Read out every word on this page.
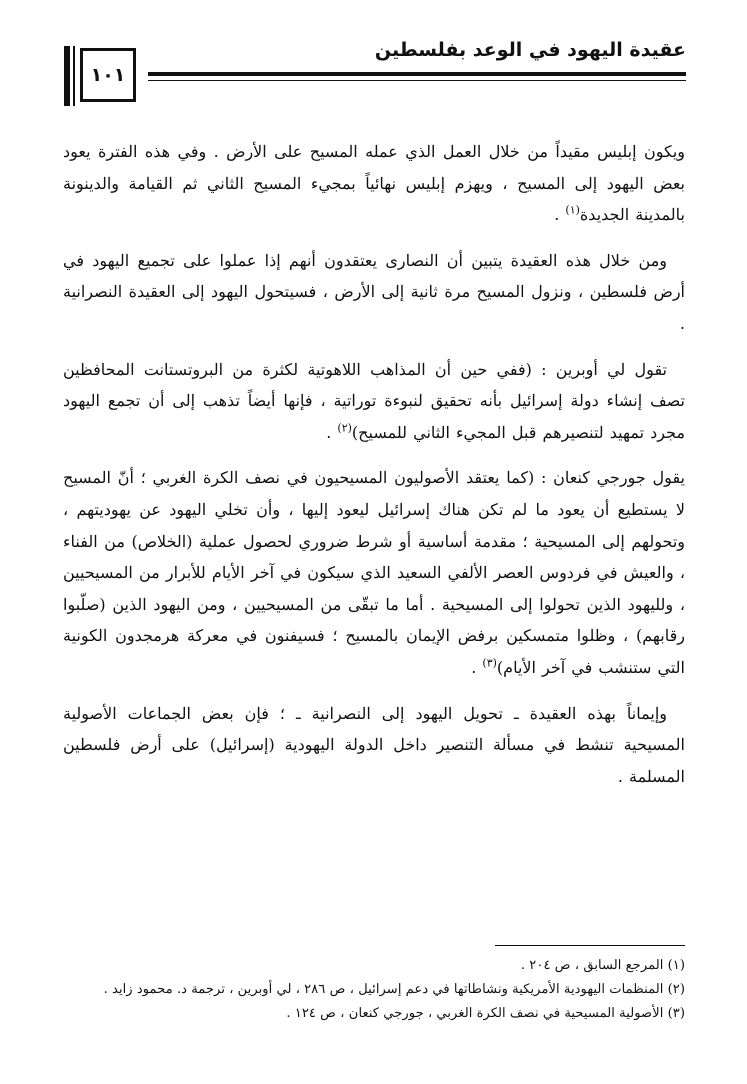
عقيدة اليهود في الوعد بفلسطين
١٠١

ويكون إبليس مقيداً من خلال العمل الذي عمله المسيح على الأرض . وفي هذه الفترة يعود بعض اليهود إلى المسيح ، ويهزم إبليس نهائياً بمجيء المسيح الثاني ثم القيامة والدينونة بالمدينة الجديدة$^{(١)}$ .

ومن خلال هذه العقيدة يتبين أن النصارى يعتقدون أنهم إذا عملوا على تجميع اليهود في أرض فلسطين ، ونزول المسيح مرة ثانية إلى الأرض ، فسيتحول اليهود إلى العقيدة النصرانية .

تقول لي أوبرين : (ففي حين أن المذاهب اللاهوتية لكثرة من البروتستانت المحافظين تصف إنشاء دولة إسرائيل بأنه تحقيق لنبوءة توراتية ، فإنها أيضاً تذهب إلى أن تجمع اليهود مجرد تمهيد لتنصيرهم قبل المجيء الثاني للمسيح)$^{(٢)}$ .

يقول جورجي كنعان : (كما يعتقد الأصوليون المسيحيون في نصف الكرة الغربي ؛ أنّ المسيح لا يستطيع أن يعود ما لم تكن هناك إسرائيل ليعود إليها ، وأن تخلي اليهود عن يهوديتهم ، وتحولهم إلى المسيحية ؛ مقدمة أساسية أو شرط ضروري لحصول عملية (الخلاص) من الفناء ، والعيش في فردوس العصر الألفي السعيد الذي سيكون في آخر الأيام للأبرار من المسيحيين ، ولليهود الذين تحولوا إلى المسيحية . أما ما تبقّى من المسيحيين ، ومن اليهود الذين (صلّبوا رقابهم) ، وظلوا متمسكين برفض الإيمان بالمسيح ؛ فسيفنون في معركة هرمجدون الكونية التي ستنشب في آخر الأيام)$^{(٣)}$ .

وإيماناً بهذه العقيدة ـ تحويل اليهود إلى النصرانية ـ ؛ فإن بعض الجماعات الأصولية المسيحية تنشط في مسألة التنصير داخل الدولة اليهودية (إسرائيل) على أرض فلسطين المسلمة .

(١) المرجع السابق ، ص ٢٠٤ .

(٢) المنظمات اليهودية الأمريكية ونشاطاتها في دعم إسرائيل ، ص ٢٨٦ ، لي أوبرين ، ترجمة د. محمود زايد .

(٣) الأصولية المسيحية في نصف الكرة الغربي ، جورجي كنعان ، ص ١٢٤ .
